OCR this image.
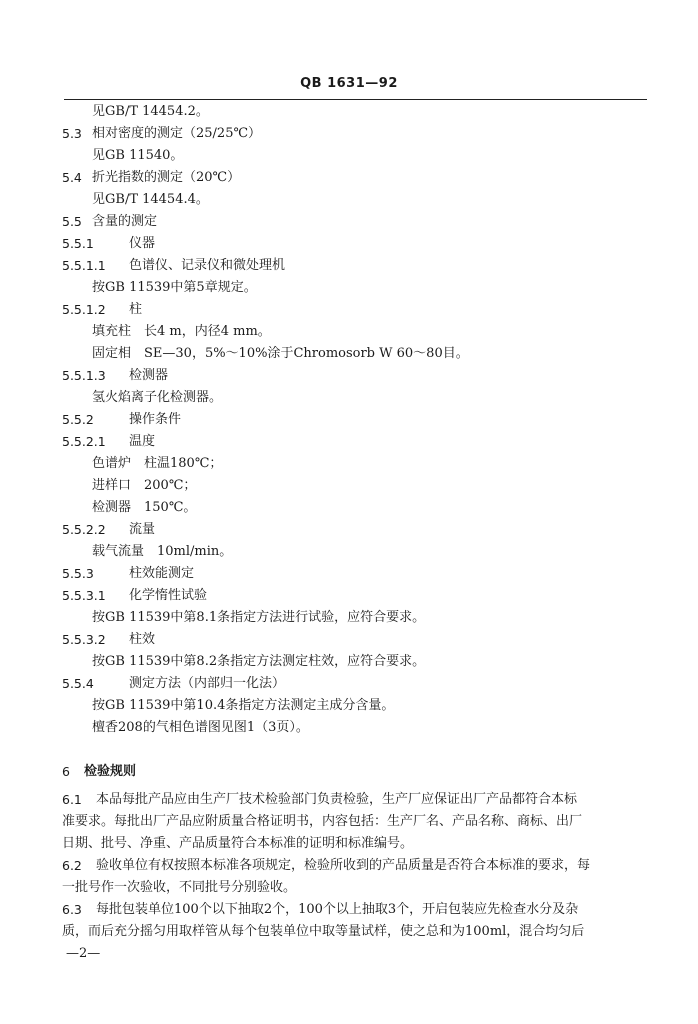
QB 1631—92
见GB/T 14454.2。
5.3 相对密度的测定（25/25℃）
见GB 11540。
5.4 折光指数的测定（20℃）
见GB/T 14454.4。
5.5 含量的测定
5.5.1	仪器
5.5.1.1 色谱仪、记录仪和微处理机
按GB 11539中第5章规定。
5.5.1.2 柱
填充柱　长4 m，内径4 mm。
固定相　SE—30，5%～10%涂于Chromosorb W 60～80目。
5.5.1.3 检测器
氢火焰离子化检测器。
5.5.2	操作条件
5.5.2.1 温度
色谱炉　柱温180℃；
进样口　200℃；
检测器　150℃。
5.5.2.2 流量
载气流量　10ml/min。
5.5.3	柱效能测定
5.5.3.1 化学惰性试验
按GB 11539中第8.1条指定方法进行试验，应符合要求。
5.5.3.2 柱效
按GB 11539中第8.2条指定方法测定柱效，应符合要求。
5.5.4	测定方法（内部归一化法）
按GB 11539中第10.4条指定方法测定主成分含量。
檀香208的气相色谱图见图1（3页）。
6 检验规则
6.1 本品每批产品应由生产厂技术检验部门负责检验，生产厂应保证出厂产品都符合本标
准要求。每批出厂产品应附质量合格证明书，内容包括：生产厂名、产品名称、商标、出厂
日期、批号、净重、产品质量符合本标准的证明和标准编号。
6.2 验收单位有权按照本标准各项规定，检验所收到的产品质量是否符合本标准的要求，每
一批号作一次验收，不同批号分别验收。
6.3 每批包装单位100个以下抽取2个，100个以上抽取3个，开启包装应先检查水分及杂
质，而后充分摇匀用取样管从每个包装单位中取等量试样，使之总和为100ml，混合均匀后
—2—
